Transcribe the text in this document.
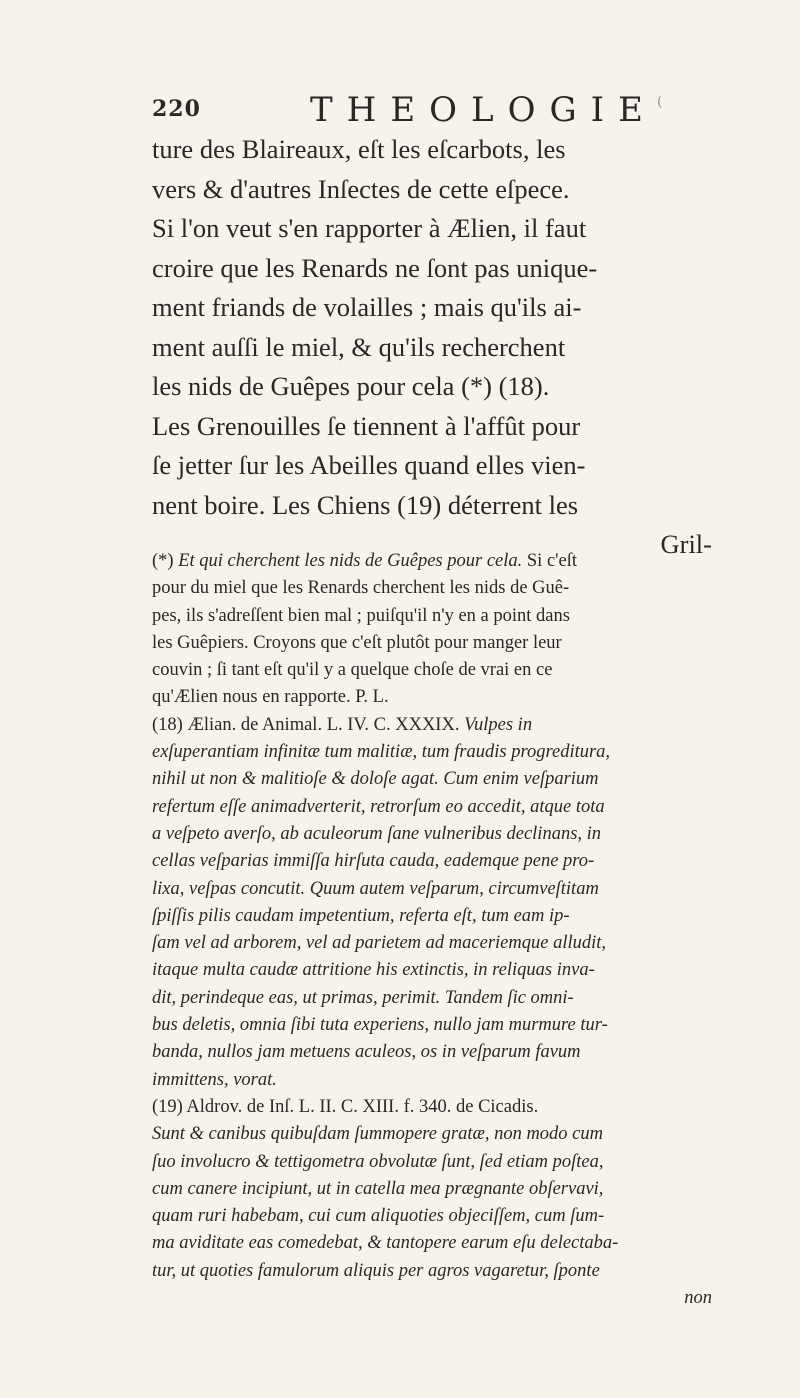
220	THEOLOGIE (
ture des Blaireaux, eſt les eſcarbots, les
vers & d'autres Inſectes de cette eſpece.
Si l'on veut s'en rapporter à Ælien, il faut
croire que les Renards ne ſont pas unique-
ment friands de volailles ; mais qu'ils ai-
ment auſſi le miel, & qu'ils recherchent
les nids de Guêpes pour cela (*) (18).
Les Grenouilles ſe tiennent à l'affût pour
ſe jetter ſur les Abeilles quand elles vien-
nent boire. Les Chiens (19) déterrent les
Gril-
(*) Et qui cherchent les nids de Guêpes pour cela. Si c'eſt
pour du miel que les Renards cherchent les nids de Guê-
pes, ils s'adreſſent bien mal ; puiſqu'il n'y en a point dans
les Guêpiers. Croyons que c'eſt plutôt pour manger leur
couvin ; ſi tant eſt qu'il y a quelque choſe de vrai en ce
qu'Ælien nous en rapporte. P. L.
(18) Ælian. de Animal. L. IV. C. XXXIX. Vulpes in
exſuperantiam infinitæ tum malitiæ, tum fraudis progreditura,
nihil ut non & malitioſe & doloſe agat. Cum enim veſparium
refertum eſſe animadverterit, retrorſum eo accedit, atque tota
a veſpeto averſo, ab aculeorum ſane vulneribus declinans, in
cellas veſparias immiſſa hirſuta cauda, eademque pene pro-
lixa, veſpas concutit. Quum autem veſparum, circumveſtitam
ſpiſſis pilis caudam impetentium, referta eſt, tum eam ip-
ſam vel ad arborem, vel ad parietem ad maceriemque alludit,
itaque multa caudæ attritione his extinctis, in reliquas inva-
dit, perindeque eas, ut primas, perimit. Tandem ſic omni-
bus deletis, omnia ſibi tuta experiens, nullo jam murmure tur-
banda, nullos jam metuens aculeos, os in veſparum favum
immittens, vorat.
(19) Aldrov. de Inſ. L. II. C. XIII. f. 340. de Cicadis.
Sunt & canibus quibuſdam ſummopere gratæ, non modo cum
ſuo involucro & tettigometra obvolutæ ſunt, ſed etiam poſtea,
cum canere incipiunt, ut in catella mea prægnante obſervavi,
quam ruri habebam, cui cum aliquoties objeciſſem, cum ſum-
ma aviditate eas comedebat, & tantopere earum eſu delectaba-
tur, ut quoties famulorum aliquis per agros vagaretur, ſponte
non
